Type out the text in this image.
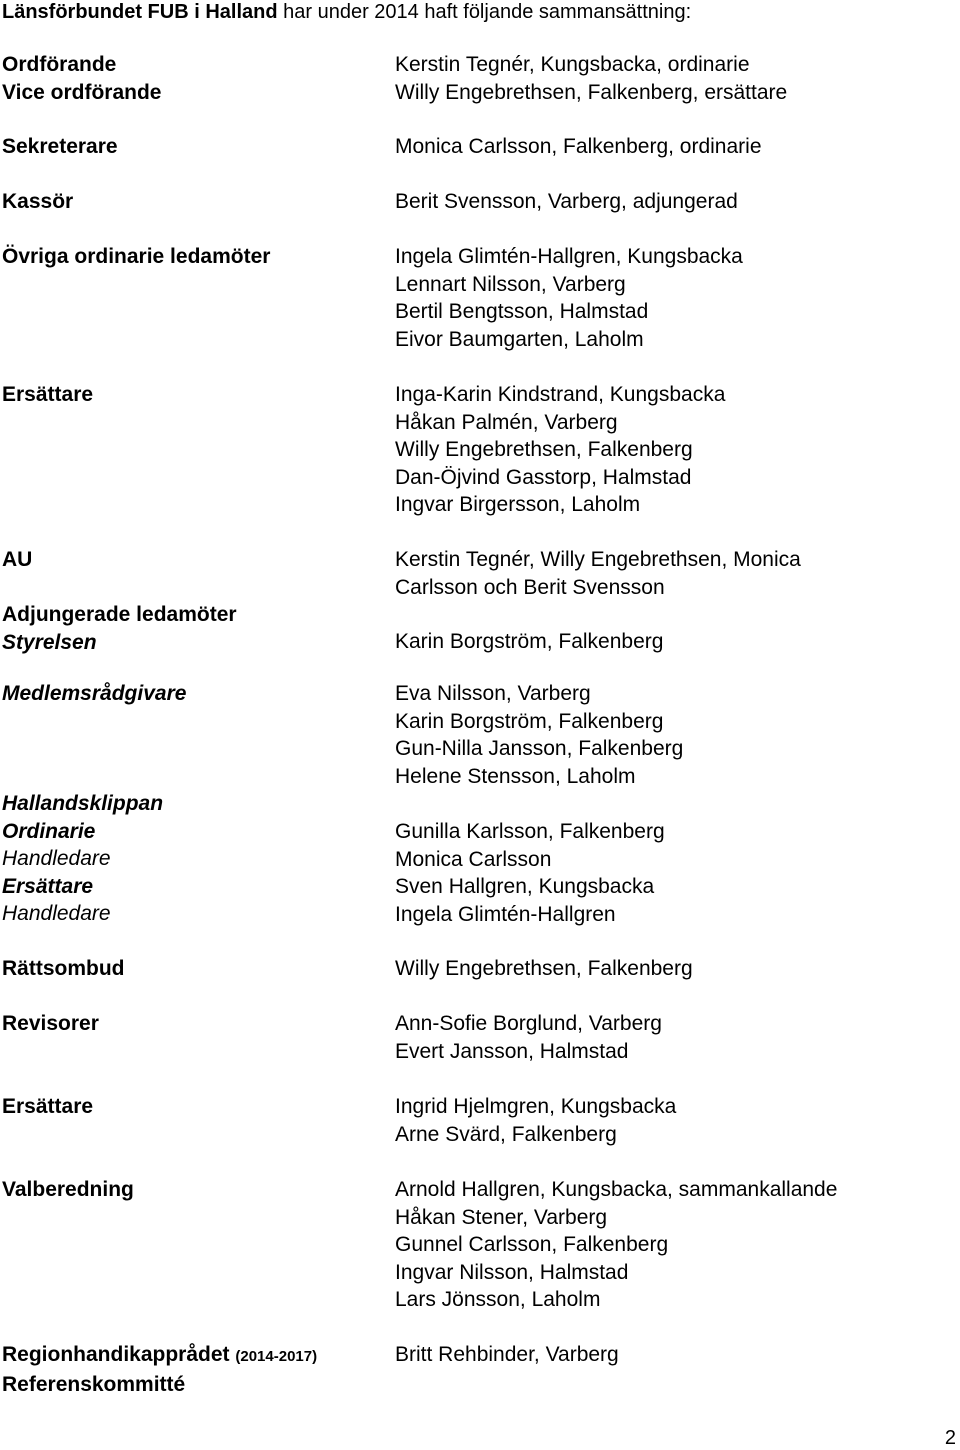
Länsförbundet FUB i Halland har under 2014 haft följande sammansättning:
Ordförande
Vice ordförande
Sekreterare
Kassör
Övriga ordinarie ledamöter
Ersättare
AU
Adjungerade ledamöter
Styrelsen
Medlemsrådgivare
Hallandsklippan
Ordinarie
Handledare
Ersättare
Handledare
Rättsombud
Revisorer
Ersättare
Valberedning
Regionhandikapprådet (2014-2017)
Referenskommitté
Kerstin Tegnér, Kungsbacka, ordinarie
Willy Engebrethsen, Falkenberg, ersättare
Monica Carlsson, Falkenberg, ordinarie
Berit Svensson, Varberg, adjungerad
Ingela Glimtén-Hallgren, Kungsbacka
Lennart Nilsson, Varberg
Bertil Bengtsson, Halmstad
Eivor Baumgarten, Laholm
Inga-Karin Kindstrand, Kungsbacka
Håkan Palmén, Varberg
Willy Engebrethsen, Falkenberg
Dan-Öjvind Gasstorp, Halmstad
Ingvar Birgersson, Laholm
Kerstin Tegnér, Willy Engebrethsen, Monica
Carlsson och Berit Svensson
Karin Borgström, Falkenberg
Eva Nilsson, Varberg
Karin Borgström, Falkenberg
Gun-Nilla Jansson, Falkenberg
Helene Stensson, Laholm
Gunilla Karlsson, Falkenberg
Monica Carlsson
Sven Hallgren, Kungsbacka
Ingela Glimtén-Hallgren
Willy Engebrethsen, Falkenberg
Ann-Sofie Borglund, Varberg
Evert Jansson, Halmstad
Ingrid Hjelmgren, Kungsbacka
Arne Svärd, Falkenberg
Arnold Hallgren, Kungsbacka, sammankallande
Håkan Stener, Varberg
Gunnel Carlsson, Falkenberg
Ingvar Nilsson, Halmstad
Lars Jönsson, Laholm
Britt Rehbinder, Varberg
2
